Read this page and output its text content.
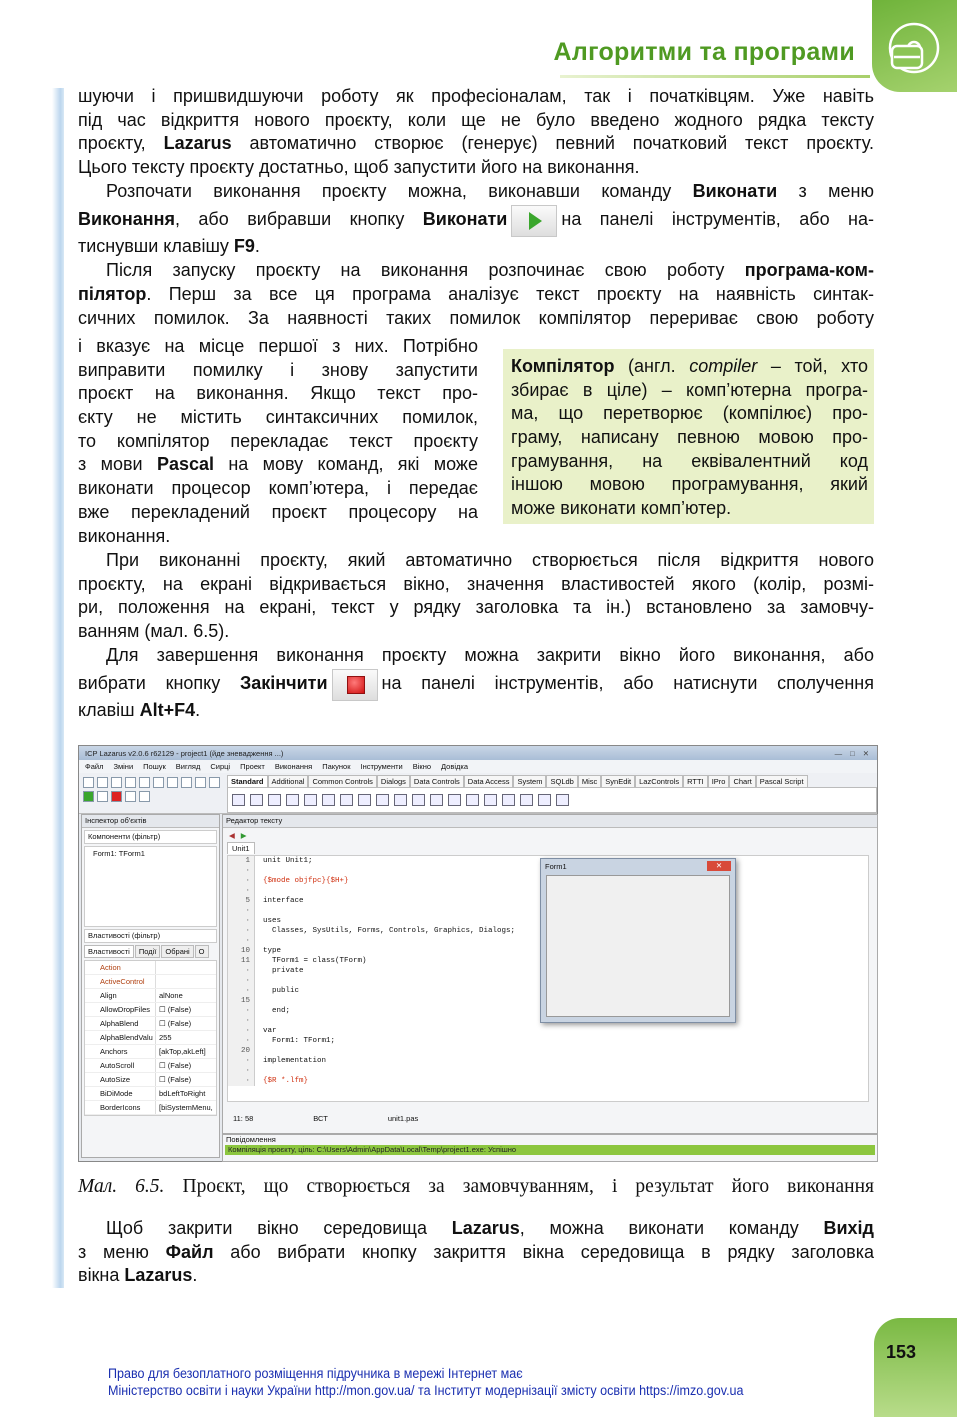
Алгоритми та програми
шуючи і пришвидшуючи роботу як професіоналам, так і початківцям. Уже навіть
під час відкриття нового проєкту, коли ще не було введено жодного рядка тексту
проєкту, Lazarus автоматично створює (генерує) певний початковий текст проєкту.
Цього тексту проєкту достатньо, щоб запустити його на виконання.
Розпочати виконання проєкту можна, виконавши команду Виконати з меню
Виконання, або вибравши кнопку Виконати	на панелі інструментів, або на-
тиснувши клавішу F9.
Після запуску проєкту на виконання розпочинає свою роботу програма-ком-
пілятор. Перш за все ця програма аналізує текст проєкту на наявність синтак-
сичних помилок. За наявності таких помилок компілятор перериває свою роботу
і вказує на місце першої з них. Потрібно
виправити помилку і знову запустити
проєкт на виконання. Якщо текст про-
єкту не містить синтаксичних помилок,
то компілятор перекладає текст проєкту
з мови Pascal на мову команд, які може
виконати процесор комп’ютера, і передає
вже перекладений проєкт процесору на
виконання.
Компілятор (англ. compiler – той, хто
збирає в ціле) – комп’ютерна програ-
ма, що перетворює (компілює) про-
граму, написану певною мовою про-
грамування, на еквівалентний код
іншою мовою програмування, який
може виконати комп’ютер.
При виконанні проєкту, який автоматично створюється після відкриття нового
проєкту, на екрані відкривається вікно, значення властивостей якого (колір, розмі-
ри, положення на екрані, текст у рядку заголовка та ін.) встановлено за замовчу-
ванням (мал. 6.5).
Для завершення виконання проєкту можна закрити вікно його виконання, або
вибрати кнопку Закінчити	на панелі інструментів, або натиснути сполучення
клавіш Alt+F4.
ICP Lazarus v2.0.6 r62129 - project1 (йде зневадження ...)	— □ ✕
Файл Зміни Пошук Вигляд Сирці Проект Виконання Пакунок Інструменти Вікно Довідка
Standard	Additional	Common Controls	Dialogs	Data Controls	Data Access	System	SQLdb	Misc	SynEdit	LazControls	RTTI	IPro	Chart	Pascal Script
Інспектор об'єктів
Компоненти (фільтр)
Form1: TForm1
Властивості (фільтр)
Властивості	Події	Обрані	О
Action
ActiveControl
Align	alNone
AllowDropFiles	☐ (False)
AlphaBlend	☐ (False)
AlphaBlendValu 255
Anchors	[akTop,akLeft]
AutoScroll	☐ (False)
AutoSize	☐ (False)
BiDiMode	bdLeftToRight
BorderIcons	[biSystemMenu,
Редактор тексту
◀ ▶
Unit1
1	unit Unit1;
·
·	{$mode objfpc}{$H+}
·
5	interface
·
·	uses
·	Classes, SysUtils, Forms, Controls, Graphics, Dialogs;
·
10	type
11	TForm1 = class(TForm)
·	private
·
·	public
15
·	end;
·
·	var
·	Form1: TForm1;
20
·	implementation
·
·	{$R *.lfm}
11: 58	ВСТ	unit1.pas
Form1	✕
Повідомлення
Компіляція проєкту, ціль: C:\Users\Admin\AppData\Local\Temp\project1.exe: Успішно
Мал. 6.5. Проєкт, що створюється за замовчуванням, і результат його виконання
Щоб закрити вікно середовища Lazarus, можна виконати команду Вихід
з меню Файл або вибрати кнопку закриття вікна середовища в рядку заголовка
вікна Lazarus.
153
Право для безоплатного розміщення підручника в мережі Інтернет має
Міністерство освіти і науки України http://mon.gov.ua/ та Інститут модернізації змісту освіти https://imzo.gov.ua
